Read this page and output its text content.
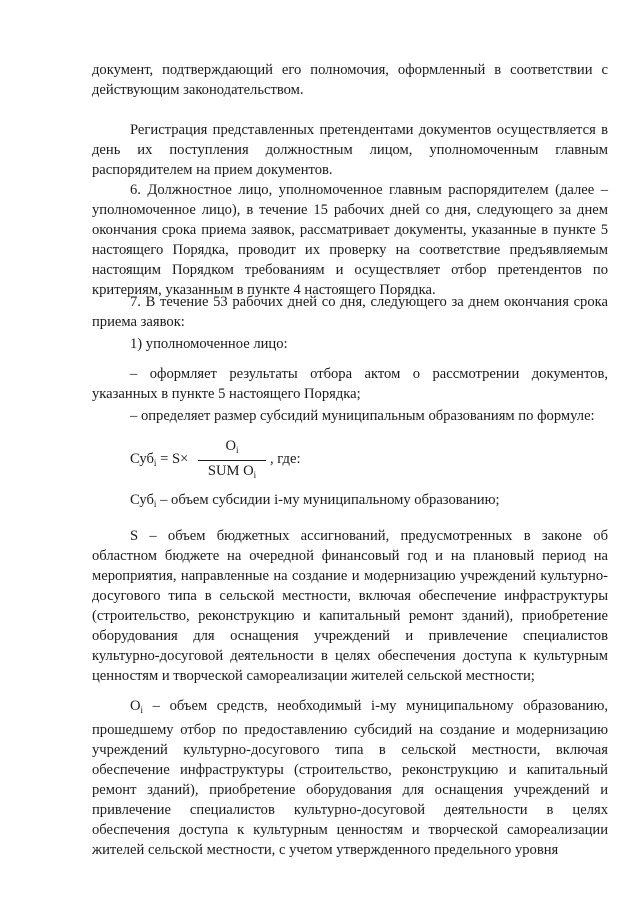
документ, подтверждающий его полномочия, оформленный в соответствии с действующим законодательством.

Регистрация представленных претендентами документов осуществляется в день их поступления должностным лицом, уполномоченным главным распорядителем на прием документов.

6. Должностное лицо, уполномоченное главным распорядителем (далее – уполномоченное лицо), в течение 15 рабочих дней со дня, следующего за днем окончания срока приема заявок, рассматривает документы, указанные в пункте 5 настоящего Порядка, проводит их проверку на соответствие предъявляемым настоящим Порядком требованиям и осуществляет отбор претендентов по критериям, указанным в пункте 4 настоящего Порядка.

7. В течение 53 рабочих дней со дня, следующего за днем окончания срока приема заявок:

1) уполномоченное лицо:

– оформляет результаты отбора актом о рассмотрении документов, указанных в пункте 5 настоящего Порядка;

– определяет размер субсидий муниципальным образованиям по формуле:

Суб$_i$ = S×
$O_i$
SUM $O_i$
, где:

Суб$_i$ – объем субсидии i-му муниципальному образованию;

S – объем бюджетных ассигнований, предусмотренных в законе об областном бюджете на очередной финансовый год и на плановый период на мероприятия, направленные на создание и модернизацию учреждений культурно-досугового типа в сельской местности, включая обеспечение инфраструктуры (строительство, реконструкцию и капитальный ремонт зданий), приобретение оборудования для оснащения учреждений и привлечение специалистов культурно-досуговой деятельности в целях обеспечения доступа к культурным ценностям и творческой самореализации жителей сельской местности;

$O_i$ – объем средств, необходимый i-му муниципальному образованию, прошедшему отбор по предоставлению субсидий на создание и модернизацию учреждений культурно-досугового типа в сельской местности, включая обеспечение инфраструктуры (строительство, реконструкцию и капитальный ремонт зданий), приобретение оборудования для оснащения учреждений и привлечение специалистов культурно-досуговой деятельности в целях обеспечения доступа к культурным ценностям и творческой самореализации жителей сельской местности, с учетом утвержденного предельного уровня
